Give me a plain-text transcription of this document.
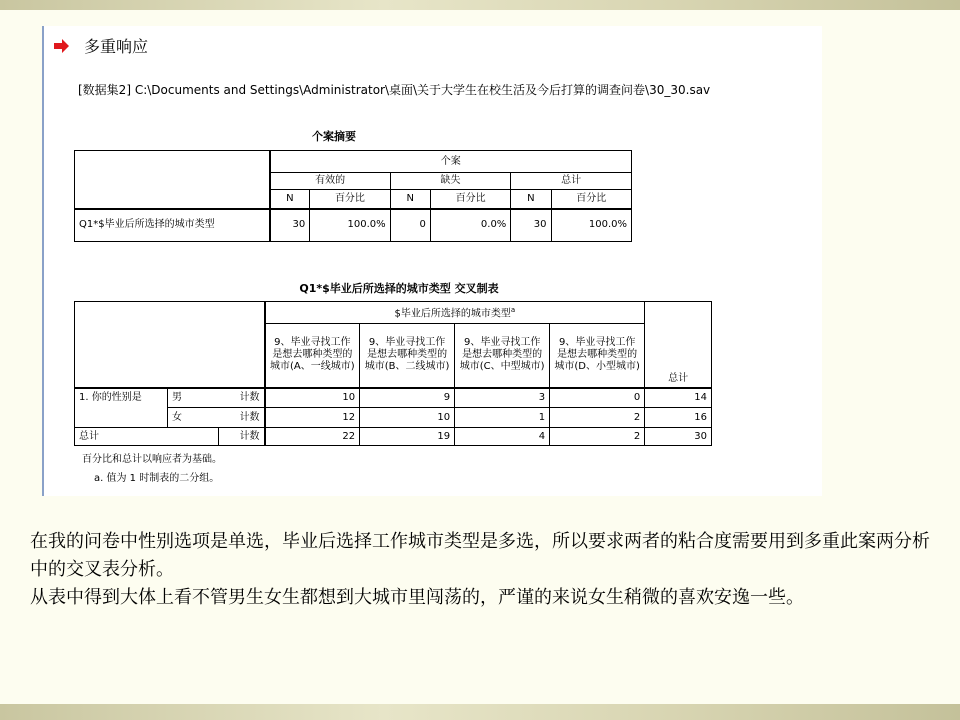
多重响应
[数据集2] C:\Documents and Settings\Administrator\桌面\关于大学生在校生活及今后打算的调查问卷\30_30.sav
个案摘要
	个案					
	有效的		缺失		总计	
	N	百分比	N	百分比	N	百分比
Q1*$毕业后所选择的城市类型	30	100.0%	0	0.0%	30	100.0%
Q1*$毕业后所选择的城市类型 交叉制表
			$毕业后所选择的城市类型$^a$				总计
			9、毕业寻找工作是想去哪种类型的城市(A、一线城市)	9、毕业寻找工作是想去哪种类型的城市(B、二线城市)	9、毕业寻找工作是想去哪种类型的城市(C、中型城市)	9、毕业寻找工作是想去哪种类型的城市(D、小型城市)	
1. 你的性别是	男	计数	10	9	3	0	14
	女	计数	12	10	1	2	16
总计		计数	22	19	4	2	30
百分比和总计以响应者为基础。
a. 值为 1 时制表的二分组。

在我的问卷中性别选项是单选，毕业后选择工作城市类型是多选，所以要求两者的粘合度需要用到多重此案两分析中的交叉表分析。

从表中得到大体上看不管男生女生都想到大城市里闯荡的，严谨的来说女生稍微的喜欢安逸一些。
